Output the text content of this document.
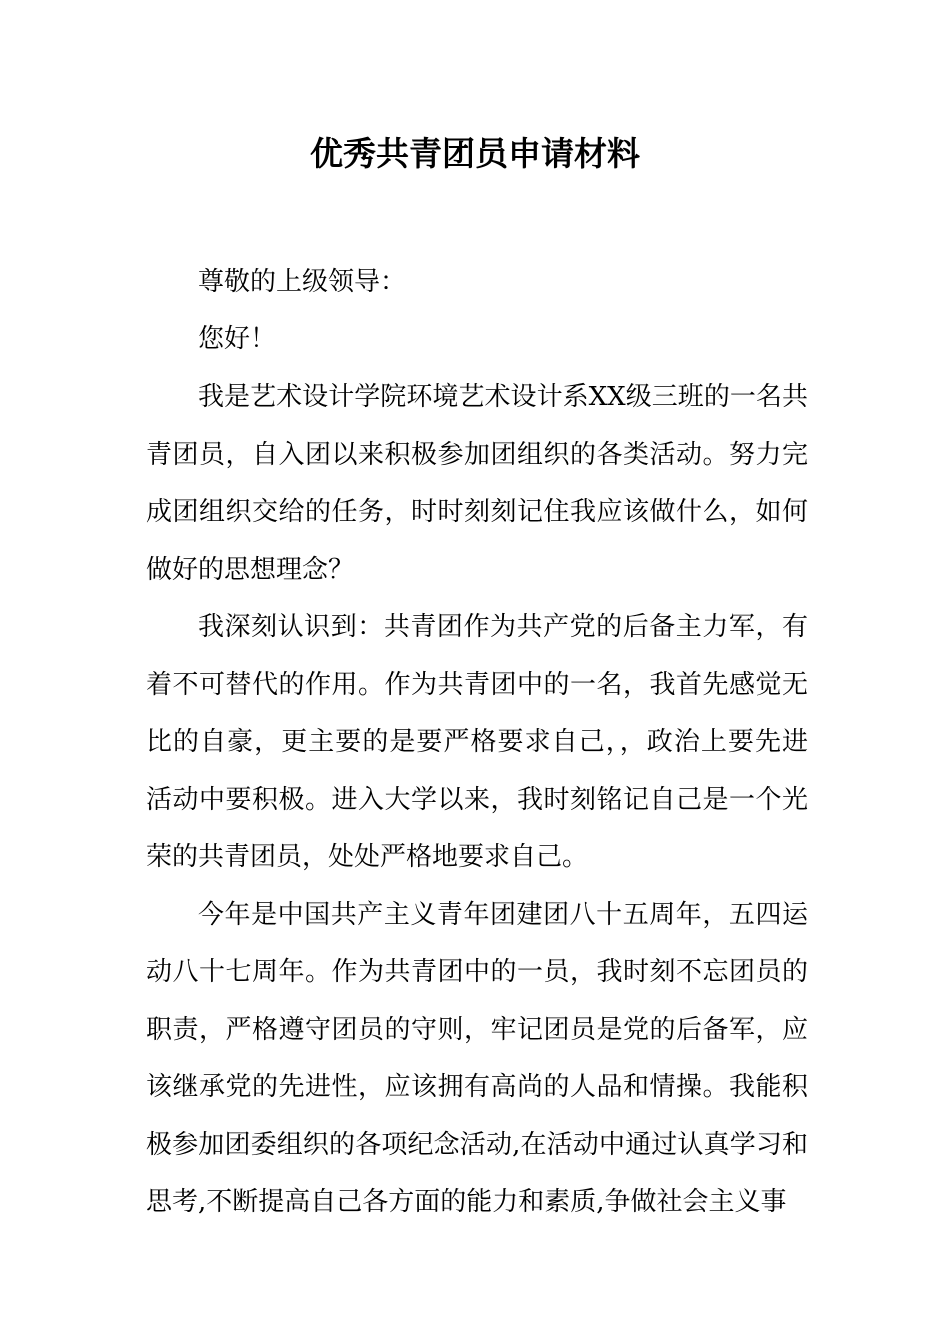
优秀共青团员申请材料

尊敬的上级领导：

您好！

我是艺术设计学院环境艺术设计系XX级三班的一名共青团员，自入团以来积极参加团组织的各类活动。努力完成团组织交给的任务，时时刻刻记住我应该做什么，如何做好的思想理念？

我深刻认识到：共青团作为共产党的后备主力军，有着不可替代的作用。作为共青团中的一名，我首先感觉无比的自豪，更主要的是要严格要求自己，，政治上要先进活动中要积极。进入大学以来，我时刻铭记自己是一个光荣的共青团员，处处严格地要求自己。

今年是中国共产主义青年团建团八十五周年，五四运动八十七周年。作为共青团中的一员，我时刻不忘团员的职责，严格遵守团员的守则，牢记团员是党的后备军，应该继承党的先进性，应该拥有高尚的人品和情操。我能积极参加团委组织的各项纪念活动,在活动中通过认真学习和思考,不断提高自己各方面的能力和素质,争做社会主义事
